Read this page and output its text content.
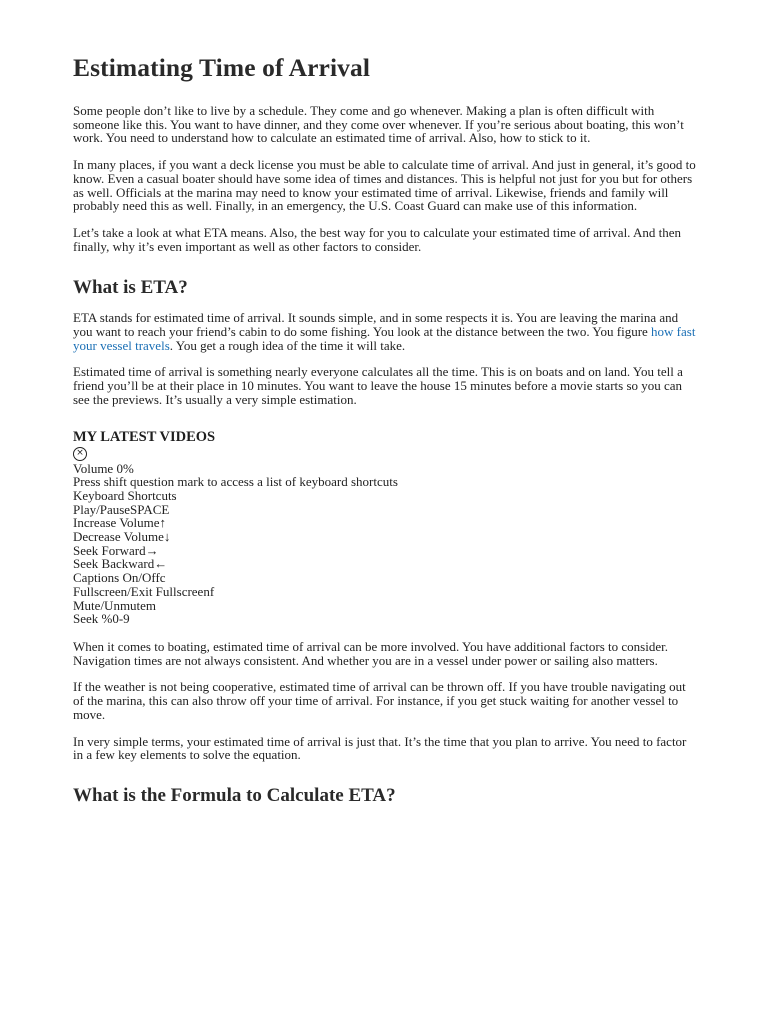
Estimating Time of Arrival

Some people don’t like to live by a schedule. They come and go whenever. Making a plan is often difficult with someone like this. You want to have dinner, and they come over whenever. If you’re serious about boating, this won’t work. You need to understand how to calculate an estimated time of arrival. Also, how to stick to it.

In many places, if you want a deck license you must be able to calculate time of arrival. And just in general, it’s good to know. Even a casual boater should have some idea of times and distances. This is helpful not just for you but for others as well. Officials at the marina may need to know your estimated time of arrival. Likewise, friends and family will probably need this as well. Finally, in an emergency, the U.S. Coast Guard can make use of this information.

Let’s take a look at what ETA means. Also, the best way for you to calculate your estimated time of arrival. And then finally, why it’s even important as well as other factors to consider.

What is ETA?

ETA stands for estimated time of arrival. It sounds simple, and in some respects it is. You are leaving the marina and you want to reach your friend’s cabin to do some fishing. You look at the distance between the two. You figure how fast your vessel travels. You get a rough idea of the time it will take.

Estimated time of arrival is something nearly everyone calculates all the time. This is on boats and on land. You tell a friend you’ll be at their place in 10 minutes. You want to leave the house 15 minutes before a movie starts so you can see the previews. It’s usually a very simple estimation.

MY LATEST VIDEOS

×

Volume 0%

Press shift question mark to access a list of keyboard shortcuts

Keyboard Shortcuts

Play/PauseSPACE

Increase Volume↑

Decrease Volume↓

Seek Forward→

Seek Backward←

Captions On/Offc

Fullscreen/Exit Fullscreenf

Mute/Unmutem

Seek %0-9

When it comes to boating, estimated time of arrival can be more involved. You have additional factors to consider. Navigation times are not always consistent. And whether you are in a vessel under power or sailing also matters.

If the weather is not being cooperative, estimated time of arrival can be thrown off. If you have trouble navigating out of the marina, this can also throw off your time of arrival. For instance, if you get stuck waiting for another vessel to move.

In very simple terms, your estimated time of arrival is just that. It’s the time that you plan to arrive. You need to factor in a few key elements to solve the equation.

What is the Formula to Calculate ETA?
